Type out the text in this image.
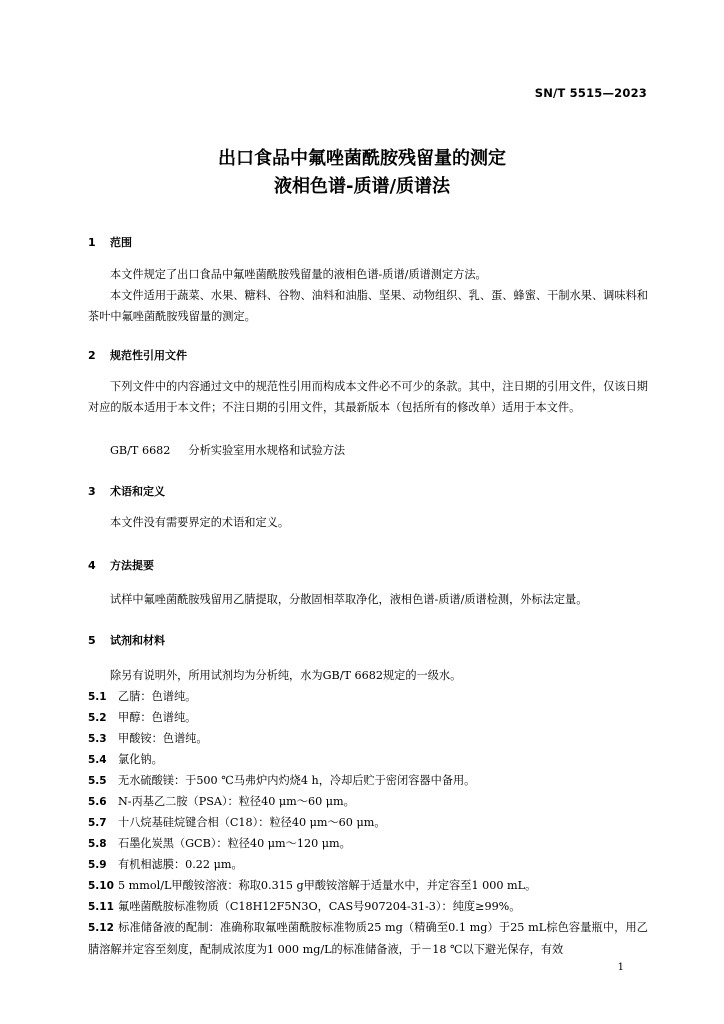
SN/T 5515—2023
出口食品中氟唑菌酰胺残留量的测定
液相色谱-质谱/质谱法
1 范围
本文件规定了出口食品中氟唑菌酰胺残留量的液相色谱-质谱/质谱测定方法。
本文件适用于蔬菜、水果、糖料、谷物、油料和油脂、坚果、动物组织、乳、蛋、蜂蜜、干制水果、调味料和茶叶中氟唑菌酰胺残留量的测定。
2 规范性引用文件
下列文件中的内容通过文中的规范性引用而构成本文件必不可少的条款。其中，注日期的引用文件，仅该日期对应的版本适用于本文件；不注日期的引用文件，其最新版本（包括所有的修改单）适用于本文件。
GB/T 6682 分析实验室用水规格和试验方法
3 术语和定义
本文件没有需要界定的术语和定义。
4 方法提要
试样中氟唑菌酰胺残留用乙腈提取，分散固相萃取净化，液相色谱-质谱/质谱检测，外标法定量。
5 试剂和材料
除另有说明外，所用试剂均为分析纯，水为GB/T 6682规定的一级水。
5.1 乙腈：色谱纯。
5.2 甲醇：色谱纯。
5.3 甲酸铵：色谱纯。
5.4 氯化钠。
5.5 无水硫酸镁：于500 ℃马弗炉内灼烧4 h，冷却后贮于密闭容器中备用。
5.6 N-丙基乙二胺（PSA）：粒径40 μm～60 μm。
5.7 十八烷基硅烷键合相（C18）：粒径40 μm～60 μm。
5.8 石墨化炭黑（GCB）：粒径40 μm～120 μm。
5.9 有机相滤膜：0.22 μm。
5.10 5 mmol/L甲酸铵溶液：称取0.315 g甲酸铵溶解于适量水中，并定容至1 000 mL。
5.11 氟唑菌酰胺标准物质（C18H12F5N3O，CAS号907204-31-3）：纯度≥99%。
5.12 标准储备液的配制：准确称取氟唑菌酰胺标准物质25 mg（精确至0.1 mg）于25 mL棕色容量瓶中，用乙腈溶解并定容至刻度，配制成浓度为1 000 mg/L的标准储备液，于－18 ℃以下避光保存，有效
1
